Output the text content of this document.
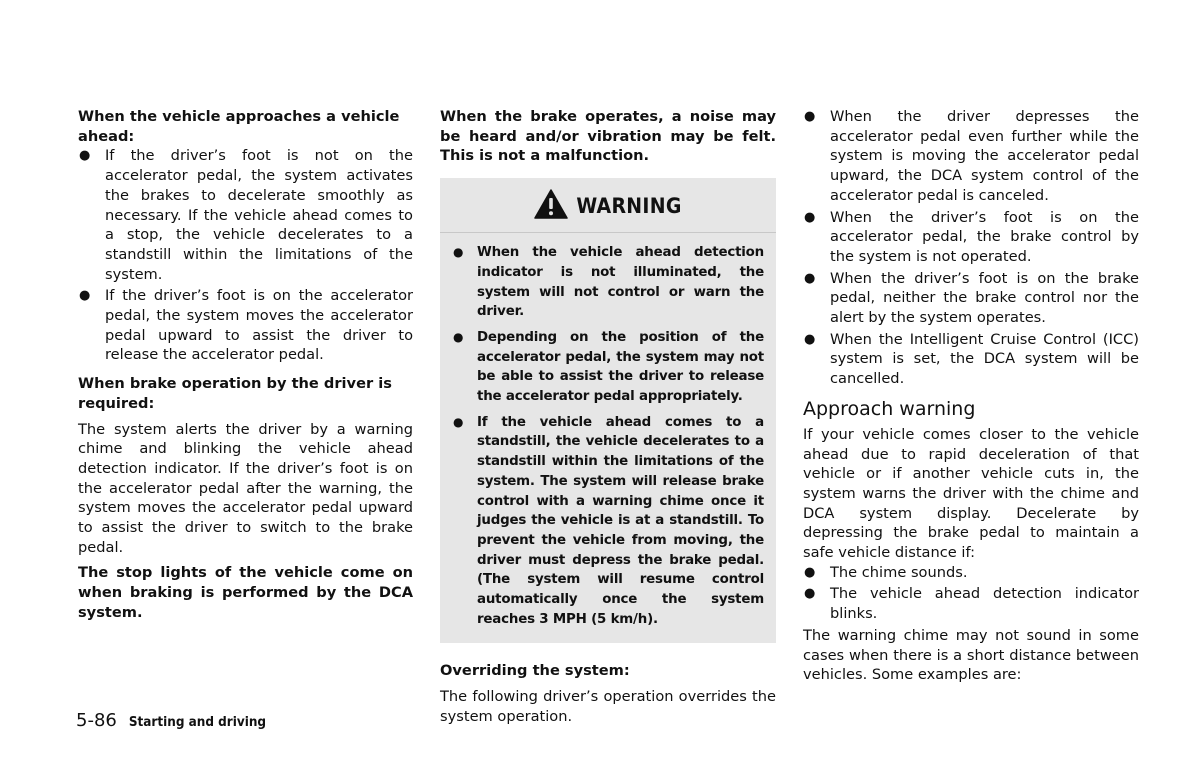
When the vehicle approaches a vehicle ahead:

● If the driver’s foot is not on the accelerator pedal, the system activates the brakes to decelerate smoothly as necessary. If the vehicle ahead comes to a stop, the vehicle decelerates to a standstill within the limitations of the system.
● If the driver’s foot is on the accelerator pedal, the system moves the accelerator pedal upward to assist the driver to release the accelerator pedal.

When brake operation by the driver is required:

The system alerts the driver by a warning chime and blinking the vehicle ahead detection indicator. If the driver’s foot is on the accelerator pedal after the warning, the system moves the accelerator pedal upward to assist the driver to switch to the brake pedal.

The stop lights of the vehicle come on when braking is performed by the DCA system.

When the brake operates, a noise may be heard and/or vibration may be felt. This is not a malfunction.

WARNING
● When the vehicle ahead detection indicator is not illuminated, the system will not control or warn the driver.
● Depending on the position of the accelerator pedal, the system may not be able to assist the driver to release the accelerator pedal appropriately.
● If the vehicle ahead comes to a standstill, the vehicle decelerates to a standstill within the limitations of the system. The system will release brake control with a warning chime once it judges the vehicle is at a standstill. To prevent the vehicle from moving, the driver must depress the brake pedal. (The system will resume control automatically once the system reaches 3 MPH (5 km/h).

Overriding the system:

The following driver’s operation overrides the system operation.

● When the driver depresses the accelerator pedal even further while the system is moving the accelerator pedal upward, the DCA system control of the accelerator pedal is canceled.
● When the driver’s foot is on the accelerator pedal, the brake control by the system is not operated.
● When the driver’s foot is on the brake pedal, neither the brake control nor the alert by the system operates.
● When the Intelligent Cruise Control (ICC) system is set, the DCA system will be cancelled.
Approach warning

If your vehicle comes closer to the vehicle ahead due to rapid deceleration of that vehicle or if another vehicle cuts in, the system warns the driver with the chime and DCA system display. Decelerate by depressing the brake pedal to maintain a safe vehicle distance if:

● The chime sounds.
● The vehicle ahead detection indicator blinks.

The warning chime may not sound in some cases when there is a short distance between vehicles. Some examples are:

5-86 Starting and driving
